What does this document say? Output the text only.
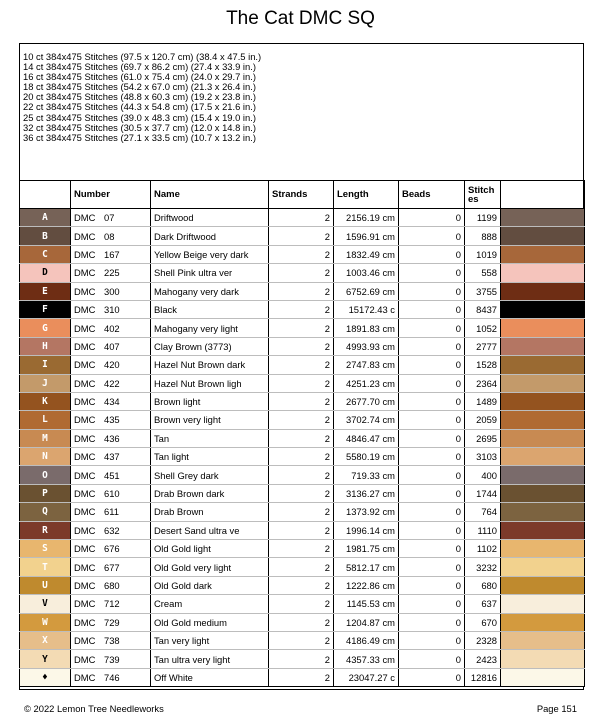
The Cat DMC SQ
10 ct 384x475 Stitches (97.5 x 120.7 cm) (38.4 x 47.5 in.)
14 ct 384x475 Stitches (69.7 x 86.2 cm) (27.4 x 33.9 in.)
16 ct 384x475 Stitches (61.0 x 75.4 cm) (24.0 x 29.7 in.)
18 ct 384x475 Stitches (54.2 x 67.0 cm) (21.3 x 26.4 in.)
20 ct 384x475 Stitches (48.8 x 60.3 cm) (19.2 x 23.8 in.)
22 ct 384x475 Stitches (44.3 x 54.8 cm) (17.5 x 21.6 in.)
25 ct 384x475 Stitches (39.0 x 48.3 cm) (15.4 x 19.0 in.)
32 ct 384x475 Stitches (30.5 x 37.7 cm) (12.0 x 14.8 in.)
36 ct 384x475 Stitches (27.1 x 33.5 cm) (10.7 x 13.2 in.)
	Number	Name	Strands	Length	Beads	Stitch es	
A	DMC 07	Driftwood	2	2156.19 cm	0	1199	
B	DMC 08	Dark Driftwood	2	1596.91 cm	0	888	
C	DMC 167	Yellow Beige very dark	2	1832.49 cm	0	1019	
D	DMC 225	Shell Pink ultra ver	2	1003.46 cm	0	558	
E	DMC 300	Mahogany very dark	2	6752.69 cm	0	3755	
F	DMC 310	Black	2	15172.43 c	0	8437	
G	DMC 402	Mahogany very light	2	1891.83 cm	0	1052	
H	DMC 407	Clay Brown (3773)	2	4993.93 cm	0	2777	
I	DMC 420	Hazel Nut Brown dark	2	2747.83 cm	0	1528	
J	DMC 422	Hazel Nut Brown ligh	2	4251.23 cm	0	2364	
K	DMC 434	Brown light	2	2677.70 cm	0	1489	
L	DMC 435	Brown very light	2	3702.74 cm	0	2059	
M	DMC 436	Tan	2	4846.47 cm	0	2695	
N	DMC 437	Tan light	2	5580.19 cm	0	3103	
O	DMC 451	Shell Grey dark	2	719.33 cm	0	400	
P	DMC 610	Drab Brown dark	2	3136.27 cm	0	1744	
Q	DMC 611	Drab Brown	2	1373.92 cm	0	764	
R	DMC 632	Desert Sand ultra ve	2	1996.14 cm	0	1110	
S	DMC 676	Old Gold light	2	1981.75 cm	0	1102	
T	DMC 677	Old Gold very light	2	5812.17 cm	0	3232	
U	DMC 680	Old Gold dark	2	1222.86 cm	0	680	
V	DMC 712	Cream	2	1145.53 cm	0	637	
W	DMC 729	Old Gold medium	2	1204.87 cm	0	670	
X	DMC 738	Tan very light	2	4186.49 cm	0	2328	
Y	DMC 739	Tan ultra very light	2	4357.33 cm	0	2423	
♦	DMC 746	Off White	2	23047.27 c	0	12816	
© 2022 Lemon Tree Needleworks	Page 151
